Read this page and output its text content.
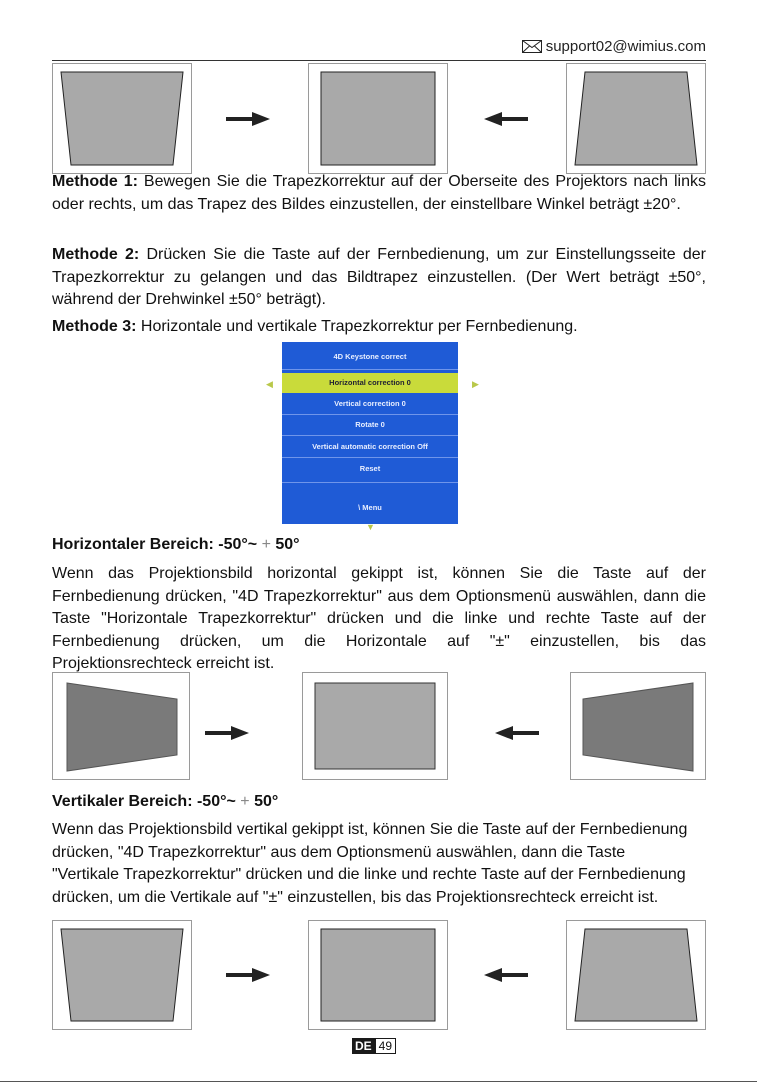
support02@wimius.com
Methode 1: Bewegen Sie die Trapezkorrektur auf der Oberseite des Projektors nach links oder rechts, um das Trapez des Bildes einzustellen, der einstellbare Winkel beträgt ±20°.
Methode 2: Drücken Sie die Taste auf der Fernbedienung, um zur Einstellungsseite der Trapezkorrektur zu gelangen und das Bildtrapez einzustellen. (Der Wert beträgt ±50°, während der Drehwinkel ±50° beträgt).
Methode 3: Horizontale und vertikale Trapezkorrektur per Fernbedienung.
4D Keystone correct
Horizontal correction 0
Vertical correction 0
Rotate 0
Vertical automatic correction Off
Reset
\ Menu
◀	▶
▼
Horizontaler Bereich: -50°~ + 50°
Wenn das Projektionsbild horizontal gekippt ist, können Sie die Taste auf der Fernbedienung drücken, "4D Trapezkorrektur" aus dem Optionsmenü auswählen, dann die Taste "Horizontale Trapezkorrektur" drücken und die linke und rechte Taste auf der Fernbedienung drücken, um die Horizontale auf "±" einzustellen, bis das Projektionsrechteck erreicht ist.
Vertikaler Bereich: -50°~ + 50°
Wenn das Projektionsbild vertikal gekippt ist, können Sie die Taste auf der Fernbedienung drücken, "4D Trapezkorrektur" aus dem Optionsmenü auswählen, dann die Taste "Vertikale Trapezkorrektur" drücken und die linke und rechte Taste auf der Fernbedienung drücken, um die Vertikale auf "±" einzustellen, bis das Projektionsrechteck erreicht ist.
DE 49
